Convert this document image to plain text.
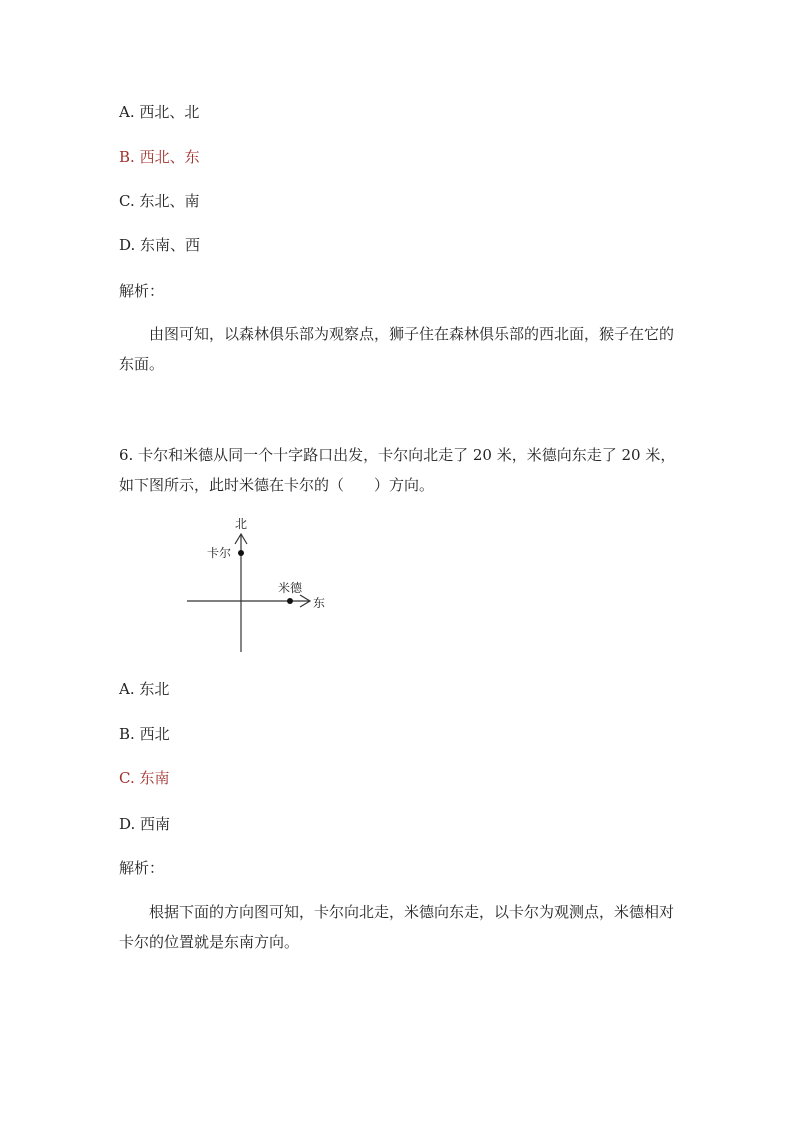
A. 西北、北
B. 西北、东
C. 东北、南
D. 东南、西
解析：
由图可知，以森林俱乐部为观察点，狮子住在森林俱乐部的西北面，猴子在它的东面。
6. 卡尔和米德从同一个十字路口出发，卡尔向北走了 20 米，米德向东走了 20 米，如下图所示，此时米德在卡尔的（　　）方向。
北
东
卡尔
米德
A. 东北
B. 西北
C. 东南
D. 西南
解析：
根据下面的方向图可知，卡尔向北走，米德向东走，以卡尔为观测点，米德相对卡尔的位置就是东南方向。
